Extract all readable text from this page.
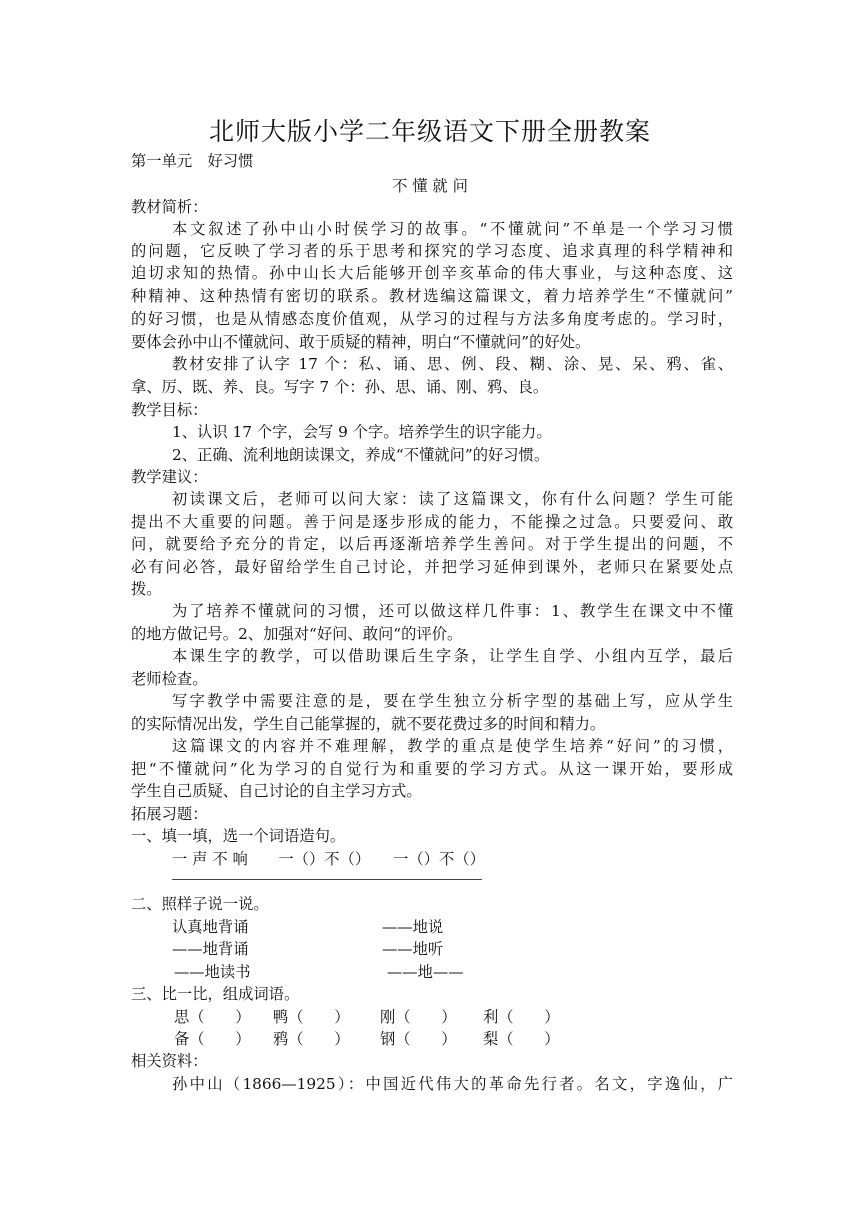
北师大版小学二年级语文下册全册教案
第一单元　好习惯
不 懂 就 问
教材简析：
本文叙述了孙中山小时侯学习的故事。“不懂就问”不单是一个学习习惯
的问题，它反映了学习者的乐于思考和探究的学习态度、追求真理的科学精神和
迫切求知的热情。孙中山长大后能够开创辛亥革命的伟大事业，与这种态度、这
种精神、这种热情有密切的联系。教材选编这篇课文，着力培养学生“不懂就问”
的好习惯，也是从情感态度价值观，从学习的过程与方法多角度考虑的。学习时，
要体会孙中山不懂就问、敢于质疑的精神，明白“不懂就问”的好处。
教材安排了认字 17 个：私、诵、思、例、段、糊、涂、晃、呆、鸦、雀、
拿、厉、既、养、良。写字 7 个：孙、思、诵、刚、鸦、良。
教学目标：
1、认识 17 个字，会写 9 个字。培养学生的识字能力。
2、正确、流利地朗读课文，养成“不懂就问”的好习惯。
教学建议：
初读课文后，老师可以问大家：读了这篇课文，你有什么问题？学生可能
提出不大重要的问题。善于问是逐步形成的能力，不能操之过急。只要爱问、敢
问，就要给予充分的肯定，以后再逐渐培养学生善问。对于学生提出的问题，不
必有问必答，最好留给学生自己讨论，并把学习延伸到课外，老师只在紧要处点
拨。
为了培养不懂就问的习惯，还可以做这样几件事：1、教学生在课文中不懂
的地方做记号。2、加强对“好问、敢问“的评价。
本课生字的教学，可以借助课后生字条，让学生自学、小组内互学，最后
老师检查。
写字教学中需要注意的是，要在学生独立分析字型的基础上写，应从学生
的实际情况出发，学生自己能掌握的，就不要花费过多的时间和精力。
这篇课文的内容并不难理解，教学的重点是使学生培养“好问”的习惯，
把“不懂就问”化为学习的自觉行为和重要的学习方式。从这一课开始，要形成
学生自己质疑、自己讨论的自主学习方式。
拓展习题：
一、填一填，选一个词语造句。
一 声 不 响　　一（）不（）　　一（）不（）
二、照样子说一说。
认真地背诵	——地说
——地背诵	——地听
——地读书	——地——
三、比一比，组成词语。
思（　　） 鸭（　　） 刚（　　） 利（　　）
备（　　） 鸦（　　） 钢（　　） 梨（　　）
相关资料：
孙中山（1866—1925）：中国近代伟大的革命先行者。名文，字逸仙，广
